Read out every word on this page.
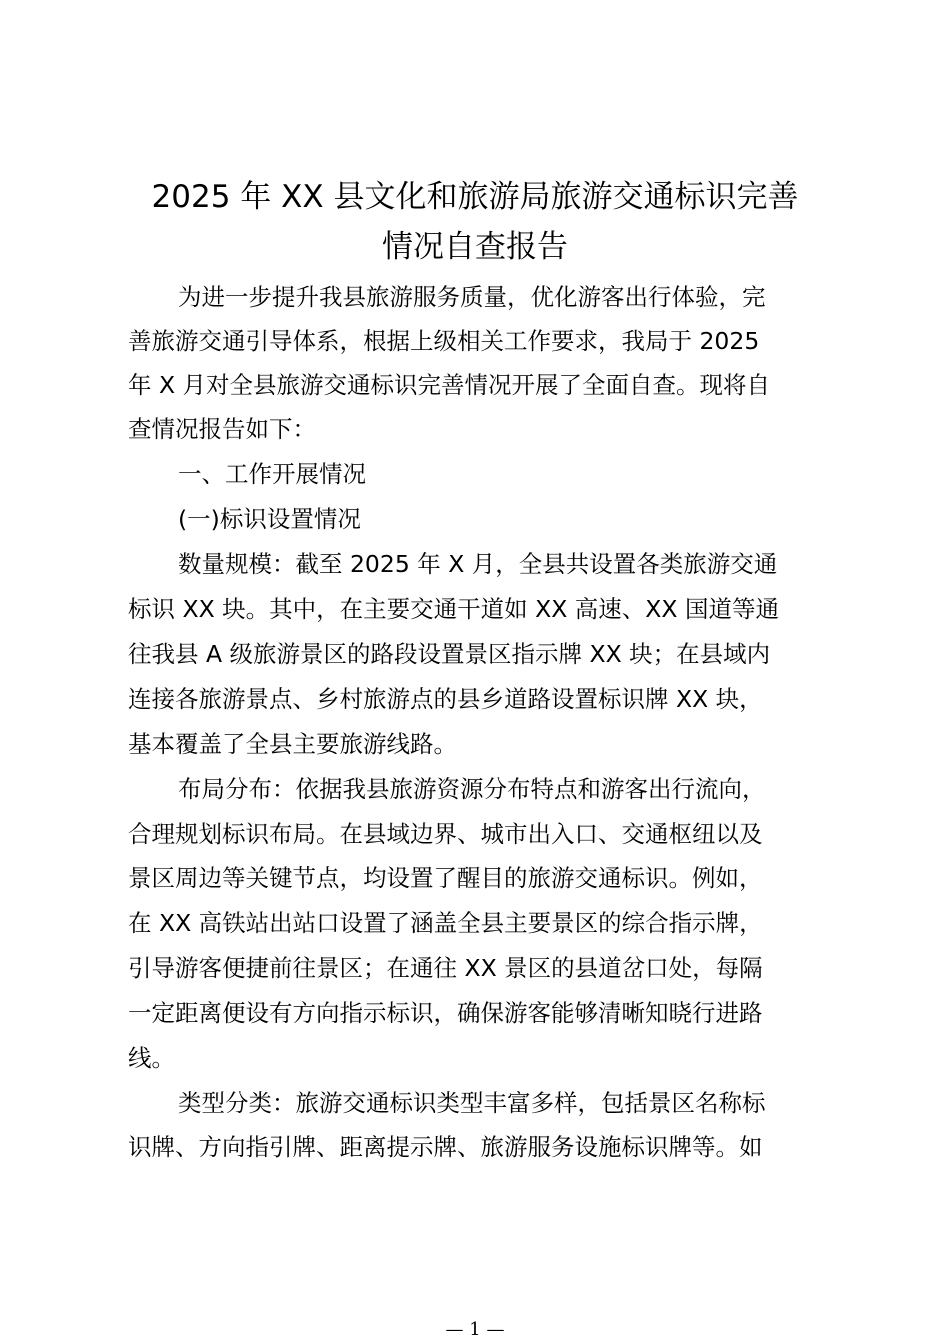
2025 年 XX 县文化和旅游局旅游交通标识完善
情况自查报告

为进一步提升我县旅游服务质量，优化游客出行体验，完

善旅游交通引导体系，根据上级相关工作要求，我局于 2025

年 X 月对全县旅游交通标识完善情况开展了全面自查。现将自

查情况报告如下：

一、工作开展情况

(一)标识设置情况

数量规模：截至 2025 年 X 月，全县共设置各类旅游交通

标识 XX 块。其中，在主要交通干道如 XX 高速、XX 国道等通

往我县 A 级旅游景区的路段设置景区指示牌 XX 块；在县域内

连接各旅游景点、乡村旅游点的县乡道路设置标识牌 XX 块，

基本覆盖了全县主要旅游线路。

布局分布：依据我县旅游资源分布特点和游客出行流向，

合理规划标识布局。在县域边界、城市出入口、交通枢纽以及

景区周边等关键节点，均设置了醒目的旅游交通标识。例如，

在 XX 高铁站出站口设置了涵盖全县主要景区的综合指示牌，

引导游客便捷前往景区；在通往 XX 景区的县道岔口处，每隔

一定距离便设有方向指示标识，确保游客能够清晰知晓行进路

线。

类型分类：旅游交通标识类型丰富多样，包括景区名称标

识牌、方向指引牌、距离提示牌、旅游服务设施标识牌等。如

— 1 —
